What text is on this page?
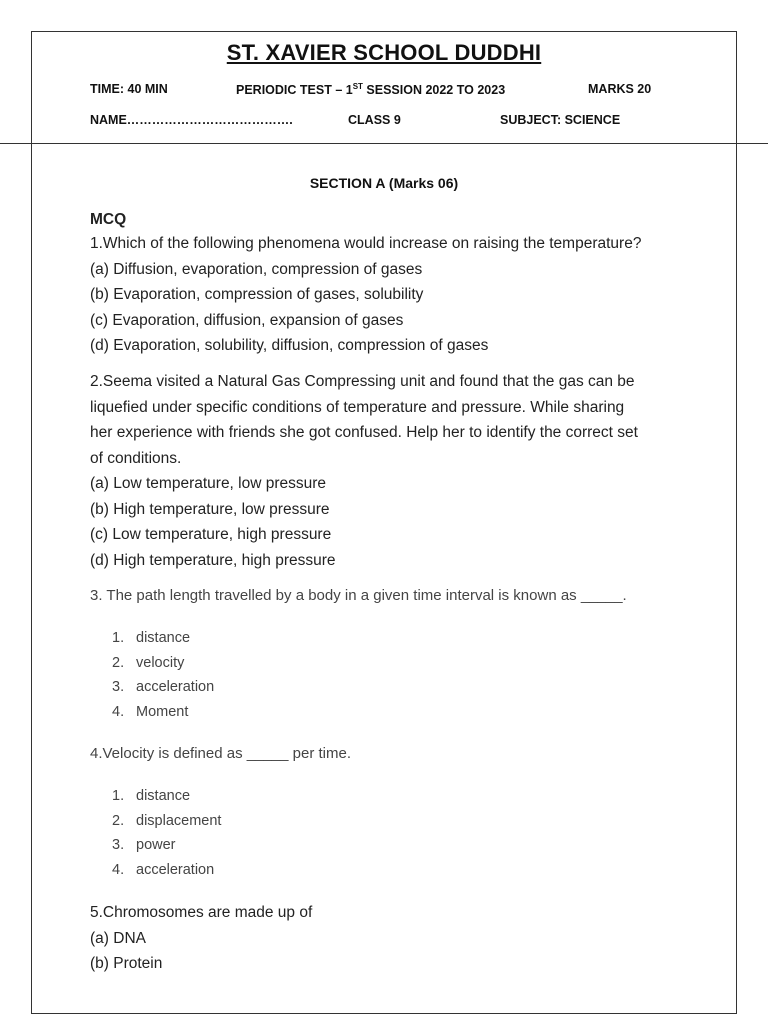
ST. XAVIER SCHOOL DUDDHI
TIME: 40 MIN	PERIODIC TEST – 1ST SESSION 2022 TO 2023	MARKS 20
NAME………………………………….	CLASS 9	SUBJECT: SCIENCE
SECTION A (Marks 06)
MCQ
1.Which of the following phenomena would increase on raising the temperature?
(a) Diffusion, evaporation, compression of gases
(b) Evaporation, compression of gases, solubility
(c) Evaporation, diffusion, expansion of gases
(d) Evaporation, solubility, diffusion, compression of gases
2.Seema visited a Natural Gas Compressing unit and found that the gas can be
liquefied under specific conditions of temperature and pressure. While sharing
her experience with friends she got confused. Help her to identify the correct set
of conditions.
(a) Low temperature, low pressure
(b) High temperature, low pressure
(c) Low temperature, high pressure
(d) High temperature, high pressure
3. The path length travelled by a body in a given time interval is known as _____.
1. distance
2. velocity
3. acceleration
4. Moment
4.Velocity is defined as _____ per time.
1. distance
2. displacement
3. power
4. acceleration
5.Chromosomes are made up of
(a) DNA
(b) Protein
